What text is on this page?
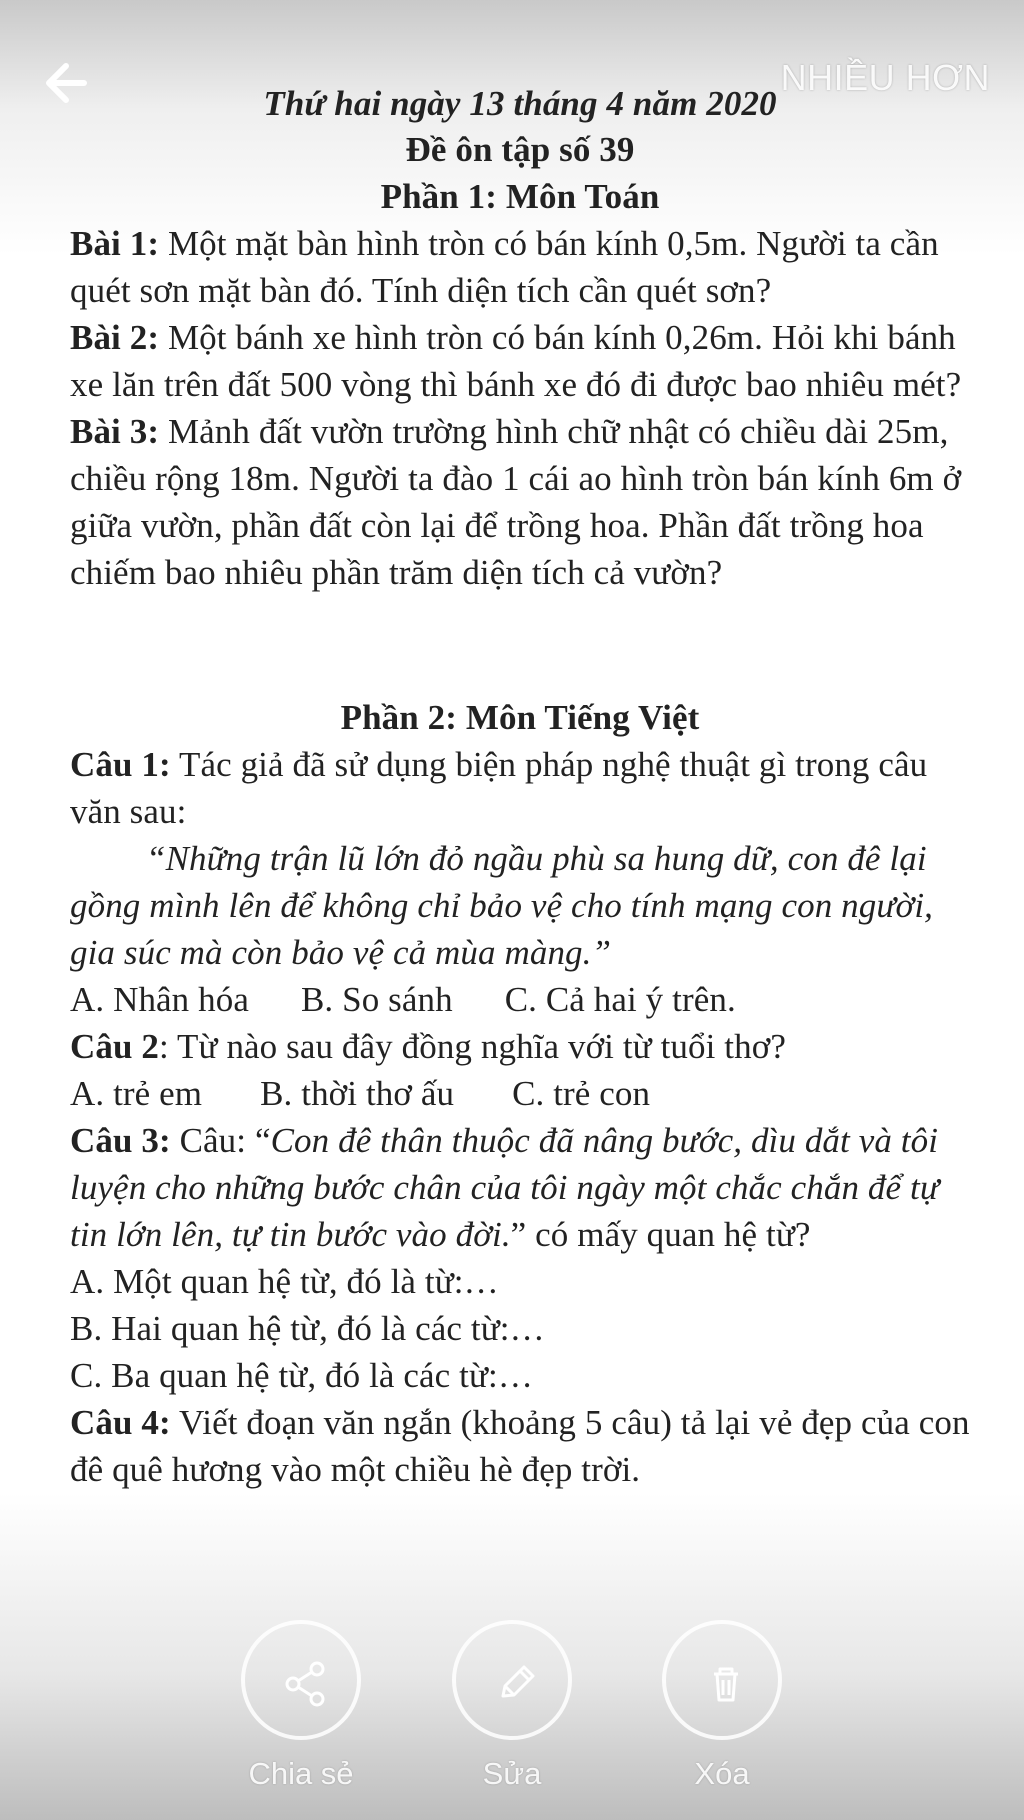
Thứ hai ngày 13 tháng 4 năm 2020
Đề ôn tập số 39
Phần 1: Môn Toán

Bài 1: Một mặt bàn hình tròn có bán kính 0,5m. Người ta cần quét sơn mặt bàn đó. Tính diện tích cần quét sơn?

Bài 2: Một bánh xe hình tròn có bán kính 0,26m. Hỏi khi bánh xe lăn trên đất 500 vòng thì bánh xe đó đi được bao nhiêu mét?

Bài 3: Mảnh đất vườn trường hình chữ nhật có chiều dài 25m, chiều rộng 18m. Người ta đào 1 cái ao hình tròn bán kính 6m ở giữa vườn, phần đất còn lại để trồng hoa. Phần đất trồng hoa chiếm bao nhiêu phần trăm diện tích cả vườn?

Phần 2: Môn Tiếng Việt

Câu 1: Tác giả đã sử dụng biện pháp nghệ thuật gì trong câu văn sau:

“Những trận lũ lớn đỏ ngầu phù sa hung dữ, con đê lại gồng mình lên để không chỉ bảo vệ cho tính mạng con người, gia súc mà còn bảo vệ cả mùa màng.”

A. Nhân hóa B. So sánh C. Cả hai ý trên.

Câu 2: Từ nào sau đây đồng nghĩa với từ tuổi thơ?

A. trẻ em B. thời thơ ấu C. trẻ con

Câu 3: Câu: “Con đê thân thuộc đã nâng bước, dìu dắt và tôi luyện cho những bước chân của tôi ngày một chắc chắn để tự tin lớn lên, tự tin bước vào đời.” có mấy quan hệ từ?

A. Một quan hệ từ, đó là từ:…

B. Hai quan hệ từ, đó là các từ:…

C. Ba quan hệ từ, đó là các từ:…

Câu 4: Viết đoạn văn ngắn (khoảng 5 câu) tả lại vẻ đẹp của con đê quê hương vào một chiều hè đẹp trời.

NHIỀU HƠN
Chia sẻ	Sửa	Xóa
